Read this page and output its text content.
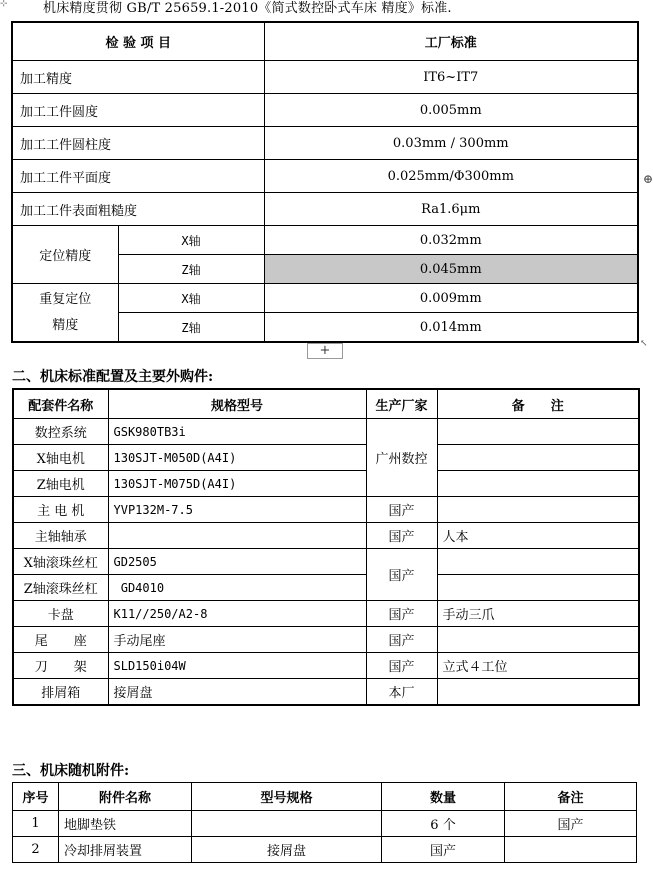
⊹	机床精度贯彻 GB/T 25659.1-2010《简式数控卧式车床 精度》标准.
检 验 项 目		工厂标准
加工精度		IT6~IT7
加工工件圆度		0.005mm
加工工件圆柱度		0.03mm / 300mm
加工工件平面度		0.025mm/Φ300mm
加工工件表面粗糙度		Ra1.6μm
定位精度	X轴	0.032mm
	Z轴	0.045mm

重复定位
精度	X轴	0.009mm
	Z轴	0.014mm
+
⊕
↖
二、机床标准配置及主要外购件:
配套件名称	规格型号	生产厂家	备　　注
数控系统	GSK980TB3i	广州数控	
X轴电机	130SJT-M050D(A4I)		
Z轴电机	130SJT-M075D(A4I)		
主 电 机	YVP132M-7.5	国产	
主轴轴承		国产	人本
X轴滚珠丝杠	GD2505	国产	
Z轴滚珠丝杠	GD4010		
卡盘	K11//250/A2-8	国产	手动三爪
尾　　座	手动尾座	国产	
刀　　架	SLD150i04W	国产	立式４工位
排屑箱	接屑盘	本厂	
三、机床随机附件:
序号	附件名称	型号规格	数量	备注
1	地脚垫铁		6 个	国产
2	冷却排屑装置	接屑盘	国产	
